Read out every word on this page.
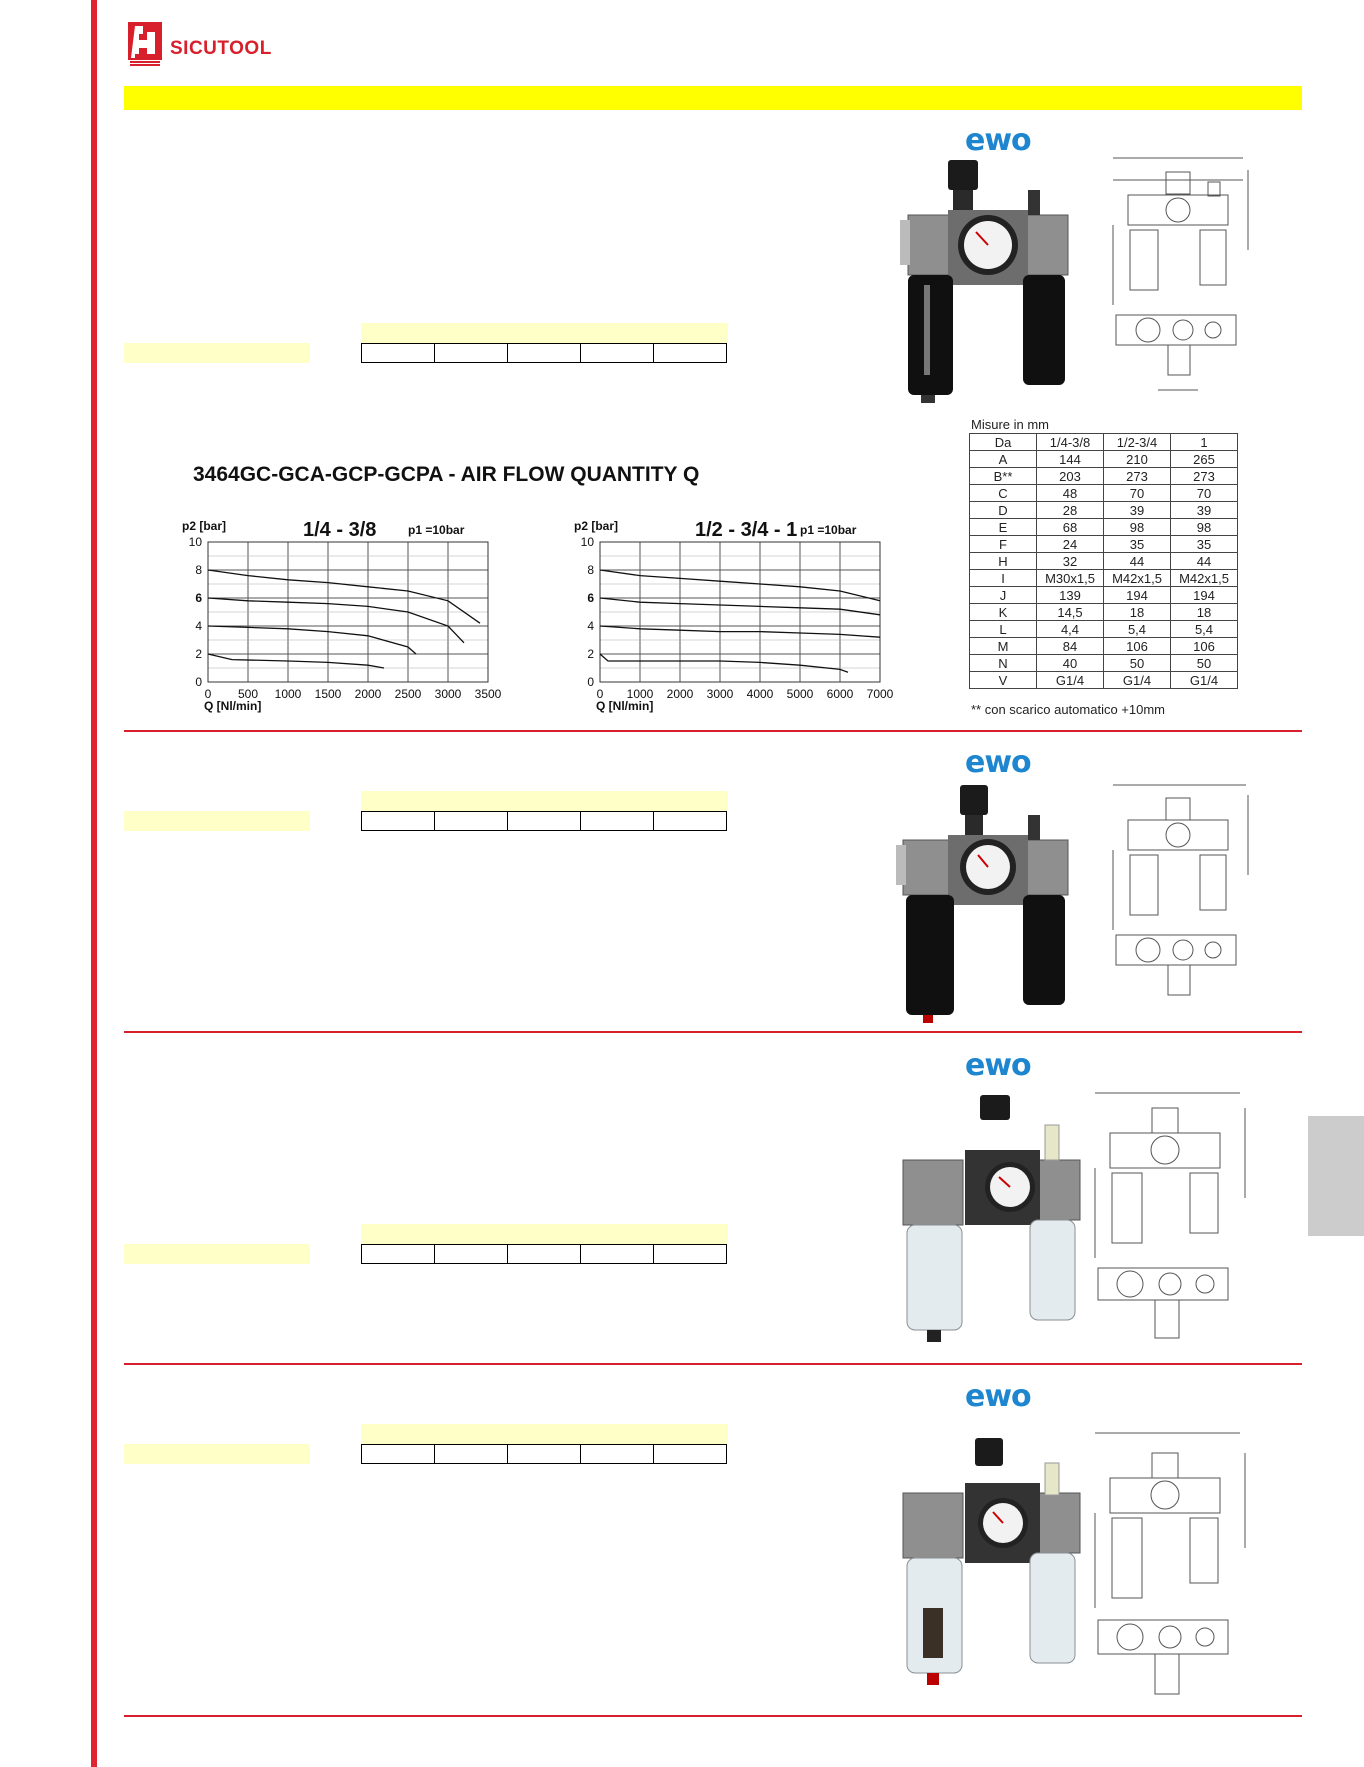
SICUTOOL

ewo
3464GC-GCA-GCP-GCPA - AIR FLOW QUANTITY Q
1/4 - 3/8
p2 [bar]	p1 =10bar
Q [Nl/min]
0 500 1000 1500 2000 2500 3000 3500
0
2
4
6
8
10
1/2 - 3/4 - 1
p2 [bar]	p1 =10bar
Q [Nl/min]
0 1000 2000 3000 4000 5000 6000 7000
0
2
4
6
8
10
Misure in mm
Da	1/4-3/8	1/2-3/4	1
A	144	210	265
B**	203	273	273
C	48	70	70
D	28	39	39
E	68	98	98
F	24	35	35
H	32	44	44
I	M30x1,5	M42x1,5	M42x1,5
J	139	194	194
K	14,5	18	18
L	4,4	5,4	5,4
M	84	106	106
N	40	50	50
V	G1/4	G1/4	G1/4
** con scarico automatico +10mm

ewo

ewo

ewo
